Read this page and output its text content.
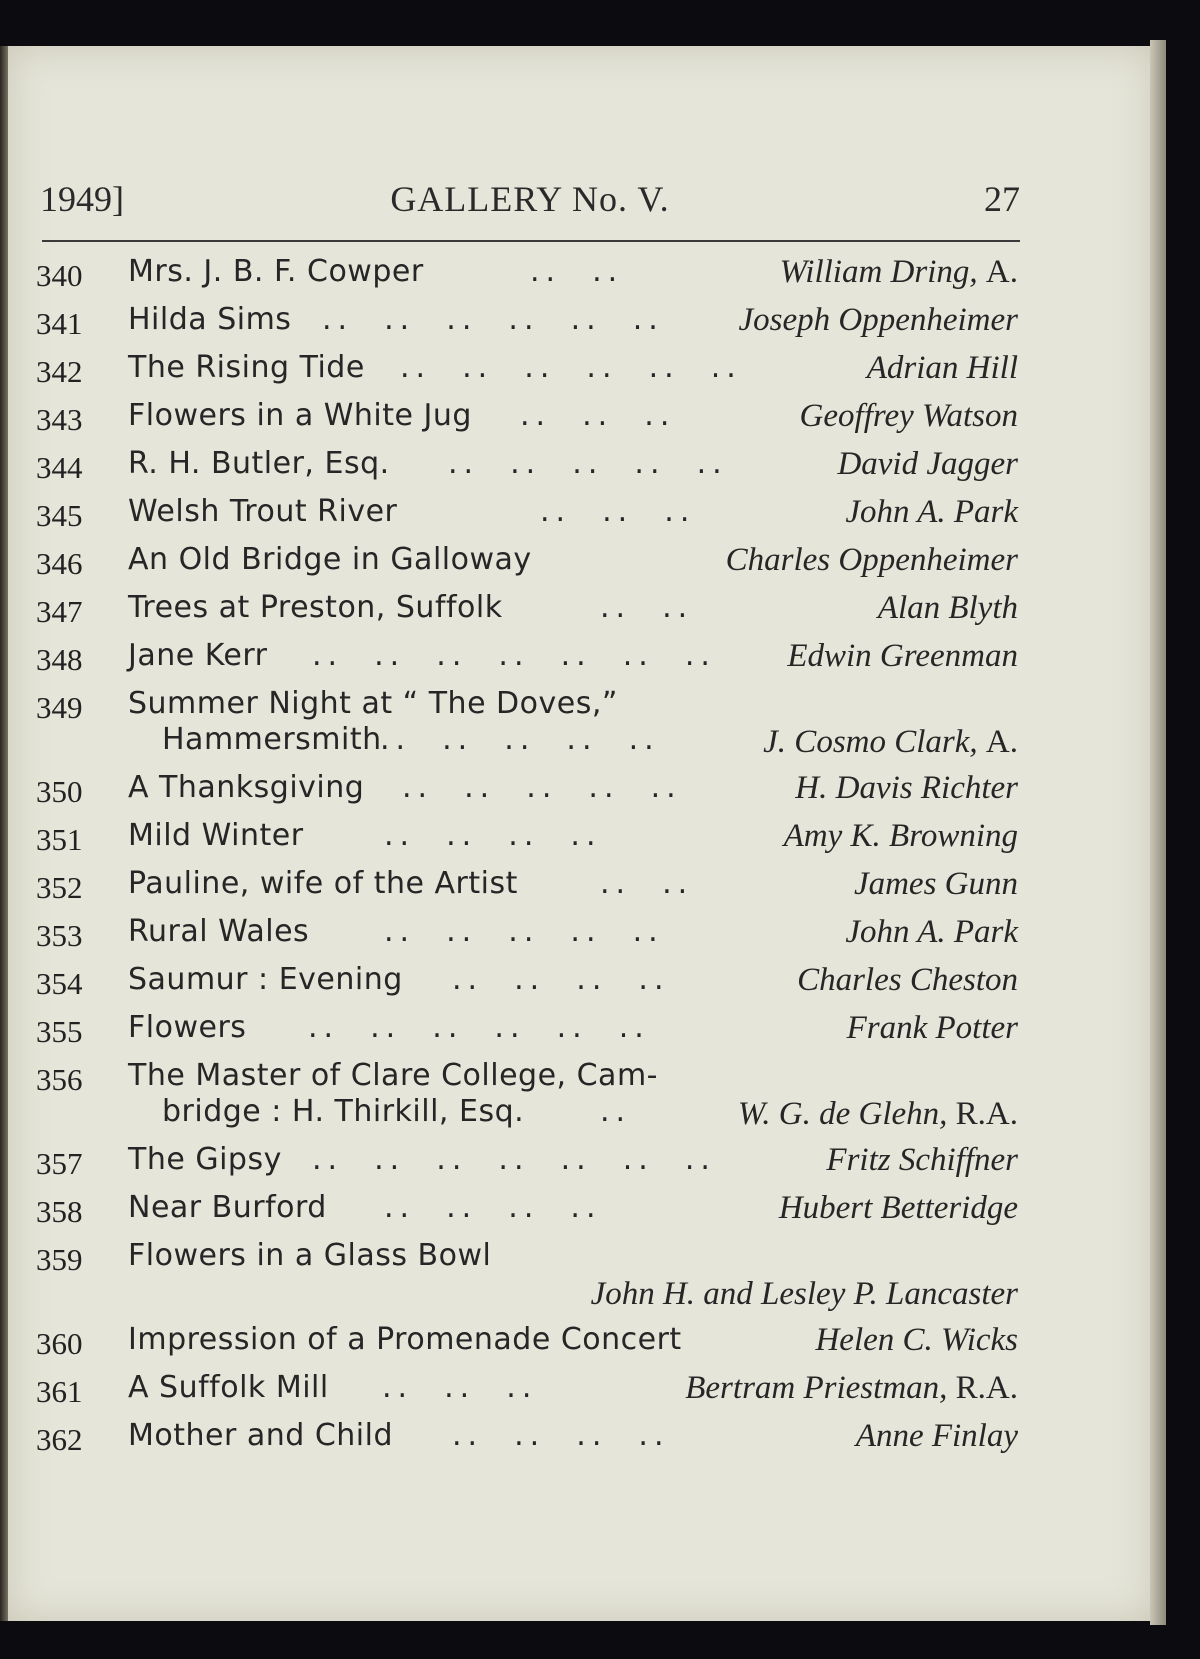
1949]	GALLERY No. V.	27
340 Mrs. J. B. F. Cowper	..  ..	William Dring, A.
341 Hilda Sims ..  ..  ..  ..  ..  .. Joseph Oppenheimer
342 The Rising Tide ..  ..  ..  ..  ..  ..	Adrian Hill
343 Flowers in a White Jug ..  ..  ..	Geoffrey Watson
344 R. H. Butler, Esq. ..  ..  ..  ..  ..	David Jagger
345 Welsh Trout River	..  ..  ..	John A. Park
346 An Old Bridge in Galloway	Charles Oppenheimer
347 Trees at Preston, Suffolk	..  ..	Alan Blyth
348 Jane Kerr ..  ..  ..  ..  ..  ..  .. Edwin Greenman
349 Summer Night at “ The Doves,”
Hammersmith
..  ..  ..  ..  ..	J. Cosmo Clark, A.
350 A Thanksgiving ..  ..  ..  ..  ..	H. Davis Richter
351 Mild Winter	..  ..  ..  ..	Amy K. Browning
352 Pauline, wife of the Artist	..  ..	James Gunn
353 Rural Wales ..  ..  ..  ..  ..	John A. Park
354 Saumur : Evening ..  ..  ..  ..	Charles Cheston
355 Flowers ..  ..  ..  ..  ..  ..	Frank Potter
356 The Master of Clare College, Cam-
bridge : H. Thirkill, Esq.	..	W. G. de Glehn, R.A.
357 The Gipsy ..  ..  ..  ..  ..  ..  ..	Fritz Schiffner
358 Near Burford ..  ..  ..  ..	Hubert Betteridge
359 Flowers in a Glass Bowl
John H. and Lesley P. Lancaster
360 Impression of a Promenade Concert	Helen C. Wicks
361 A Suffolk Mill ..  ..  ..	Bertram Priestman, R.A.
362 Mother and Child ..  ..  ..  ..	Anne Finlay
